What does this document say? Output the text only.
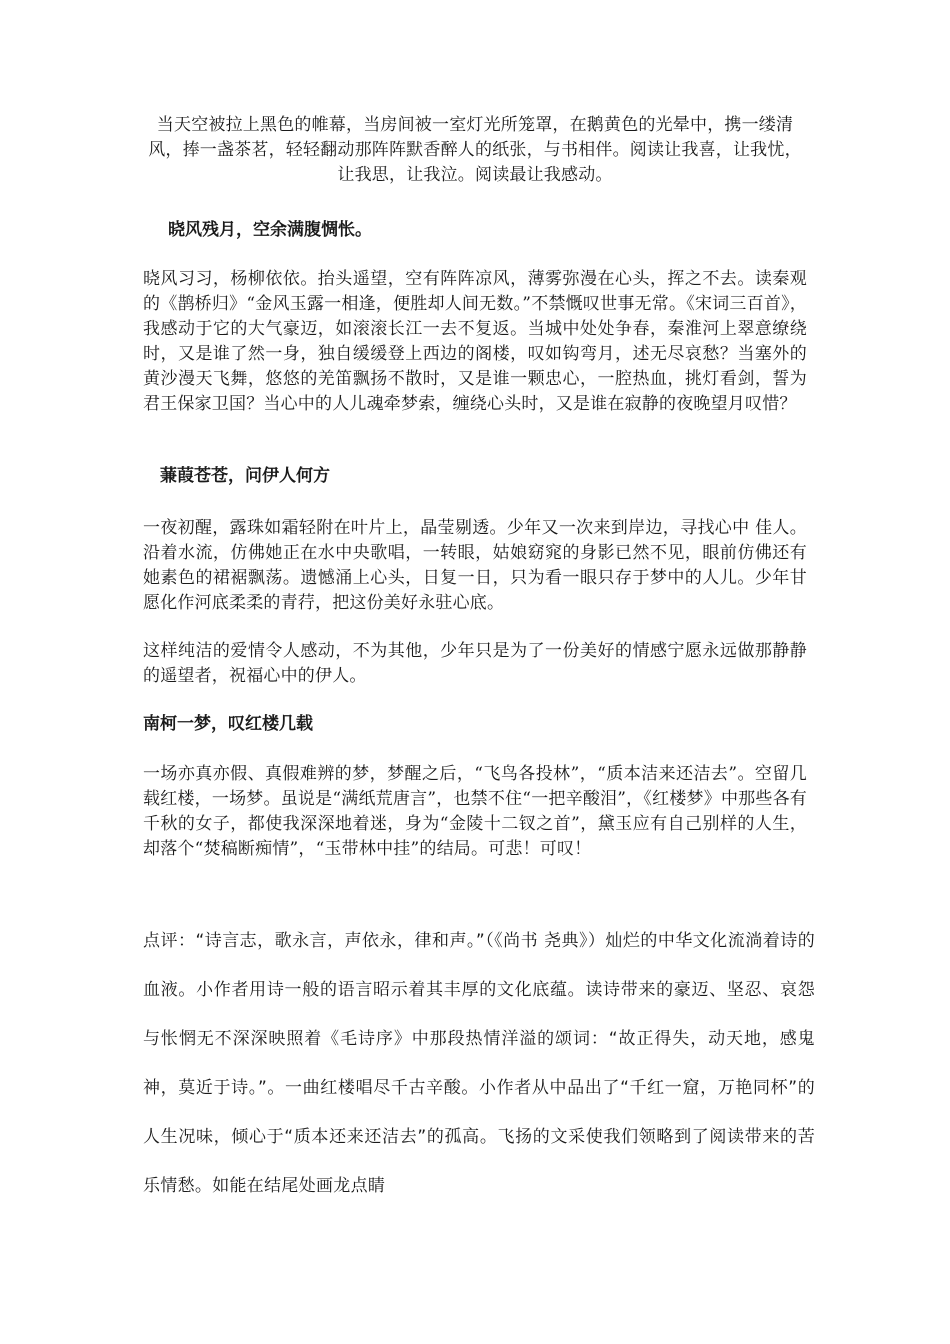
当天空被拉上黑色的帷幕，当房间被一室灯光所笼罩，在鹅黄色的光晕中，携一缕清风，捧一盏茶茗，轻轻翻动那阵阵默香醉人的纸张，与书相伴。阅读让我喜，让我忧，让我思，让我泣。阅读最让我感动。

晓风残月，空余满腹惆怅。

晓风习习，杨柳依依。抬头遥望，空有阵阵凉风，薄雾弥漫在心头，挥之不去。读秦观的《鹊桥归》“金风玉露一相逢，便胜却人间无数。”不禁慨叹世事无常。《宋词三百首》，我感动于它的大气豪迈，如滚滚长江一去不复返。当城中处处争春，秦淮河上翠意缭绕时，又是谁了然一身，独自缓缓登上西边的阁楼，叹如钩弯月，述无尽哀愁？当塞外的黄沙漫天飞舞，悠悠的羌笛飘扬不散时，又是谁一颗忠心，一腔热血，挑灯看剑，誓为君王保家卫国？当心中的人儿魂牵梦索，缠绕心头时，又是谁在寂静的夜晚望月叹惜？

蒹葭苍苍，问伊人何方

一夜初醒，露珠如霜轻附在叶片上，晶莹剔透。少年又一次来到岸边，寻找心中 佳人。沿着水流，仿佛她正在水中央歌唱，一转眼，姑娘窈窕的身影已然不见，眼前仿佛还有她素色的裙裾飘荡。遗憾涌上心头，日复一日，只为看一眼只存于梦中的人儿。少年甘愿化作河底柔柔的青荇，把这份美好永驻心底。

这样纯洁的爱情令人感动，不为其他，少年只是为了一份美好的情感宁愿永远做那静静的遥望者，祝福心中的伊人。

南柯一梦，叹红楼几载

一场亦真亦假、真假难辨的梦，梦醒之后，“飞鸟各投林”，“质本洁来还洁去”。空留几载红楼，一场梦。虽说是“满纸荒唐言”，也禁不住“一把辛酸泪”，《红楼梦》中那些各有千秋的女子，都使我深深地着迷，身为“金陵十二钗之首”，黛玉应有自己别样的人生，却落个“焚稿断痴情”，“玉带林中挂”的结局。可悲！可叹！

点评：“诗言志，歌永言，声依永，律和声。”（《尚书 尧典》）灿烂的中华文化流淌着诗的血液。小作者用诗一般的语言昭示着其丰厚的文化底蕴。读诗带来的豪迈、坚忍、哀怨与怅惘无不深深映照着《毛诗序》中那段热情洋溢的颂词：“故正得失，动天地，感鬼神，莫近于诗。”。一曲红楼唱尽千古辛酸。小作者从中品出了“千红一窟，万艳同杯”的人生况味，倾心于“质本还来还洁去”的孤高。飞扬的文采使我们领略到了阅读带来的苦乐情愁。如能在结尾处画龙点睛
